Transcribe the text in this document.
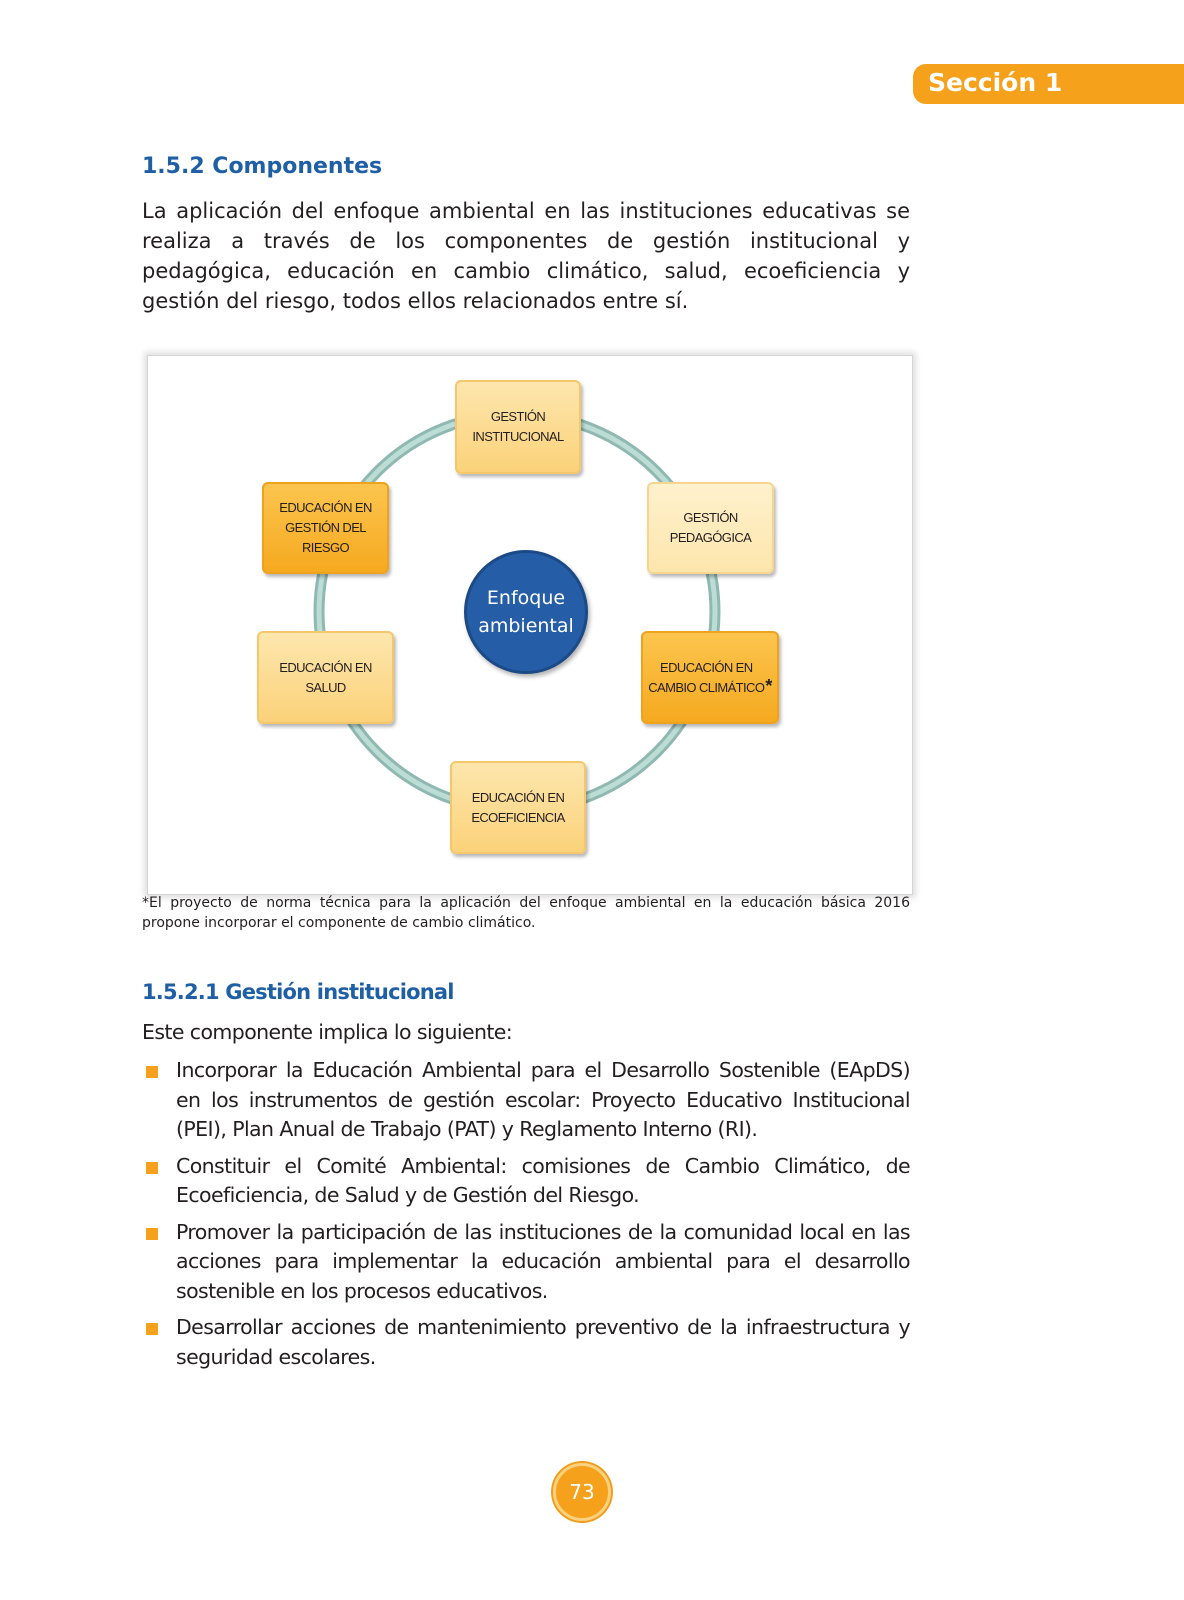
Sección 1
1.5.2 Componentes

La aplicación del enfoque ambiental en las instituciones educativas se realiza a través de los componentes de gestión institucional y pedagógica, educación en cambio climático, salud, ecoeficiencia y gestión del riesgo, todos ellos relacionados entre sí.

GESTIÓN
INSTITUCIONAL
GESTIÓN
PEDAGÓGICA
EDUCACIÓN EN
CAMBIO CLIMÁTICO *
EDUCACIÓN EN
ECOEFICIENCIA
EDUCACIÓN EN SALUD
EDUCACIÓN EN
GESTIÓN DEL RIESGO
Enfoque
ambiental

*El proyecto de norma técnica para la aplicación del enfoque ambiental en la educación básica 2016 propone incorporar el componente de cambio climático.

1.5.2.1 Gestión institucional

Este componente implica lo siguiente:

Incorporar la Educación Ambiental para el Desarrollo Sostenible (EApDS) en los instrumentos de gestión escolar: Proyecto Educativo Institucional (PEI), Plan Anual de Trabajo (PAT) y Reglamento Interno (RI).
Constituir el Comité Ambiental: comisiones de Cambio Climático, de Ecoeficiencia, de Salud y de Gestión del Riesgo.
Promover la participación de las instituciones de la comunidad local en las acciones para implementar la educación ambiental para el desarrollo sostenible en los procesos educativos.
Desarrollar acciones de mantenimiento preventivo de la infraestructura y seguridad escolares.
73
